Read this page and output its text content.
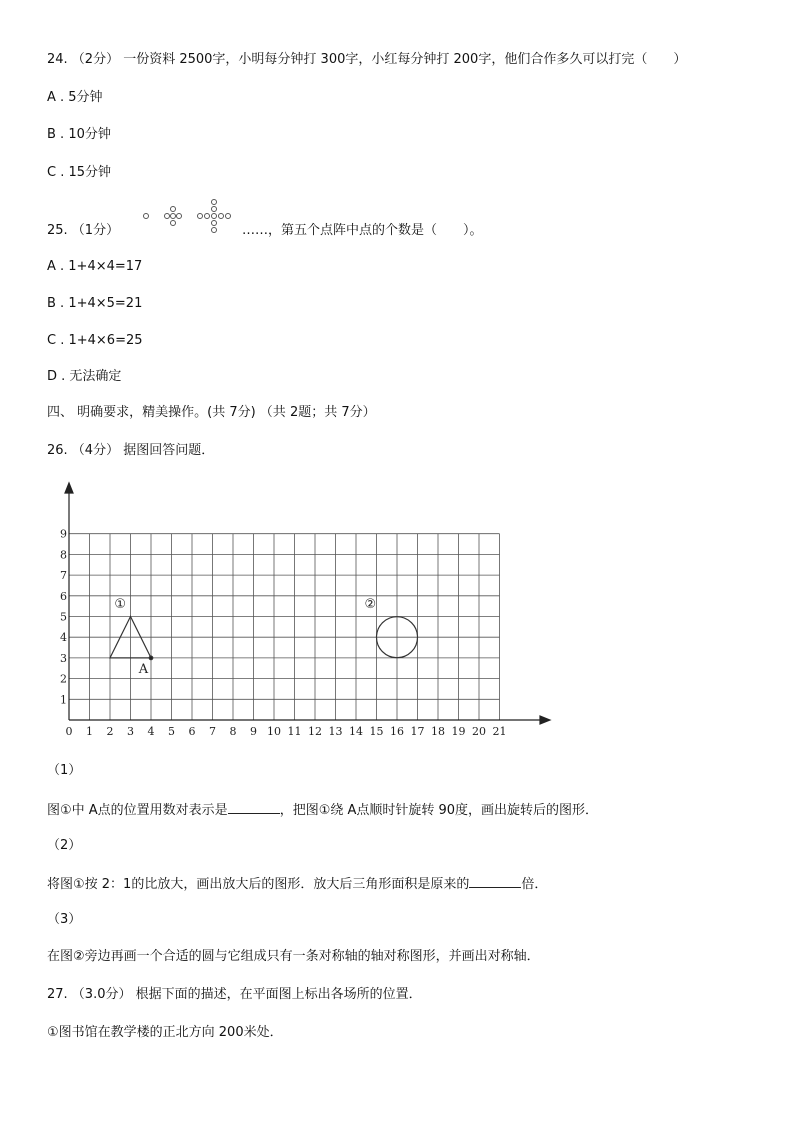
24. （2分） 一份资料 2500字，小明每分钟打 300字，小红每分钟打 200字，他们合作多久可以打完（　　）
A . 5分钟
B . 10分钟
C . 15分钟
25. （1分）	……，第五个点阵中点的个数是（　　）。
A . 1+4×4=17
B . 1+4×5=21
C . 1+4×6=25
D . 无法确定
四、 明确要求，精美操作。(共 7分) （共 2题；共 7分）
26. （4分） 据图回答问题．
0 1 2 3 4 5 6 7 8 9 10 11 12 13 14 15 16 17 18 19 20 21
1
2
3
4
5
6
7
8
9
①	②
A
（1）
图①中 A点的位置用数对表示是	，把图①绕 A点顺时针旋转 90度，画出旋转后的图形．
（2）
将图①按 2：1的比放大，画出放大后的图形．放大后三角形面积是原来的	倍．
（3）
在图②旁边再画一个合适的圆与它组成只有一条对称轴的轴对称图形，并画出对称轴．
27. （3.0分） 根据下面的描述，在平面图上标出各场所的位置．
①图书馆在教学楼的正北方向 200米处．
